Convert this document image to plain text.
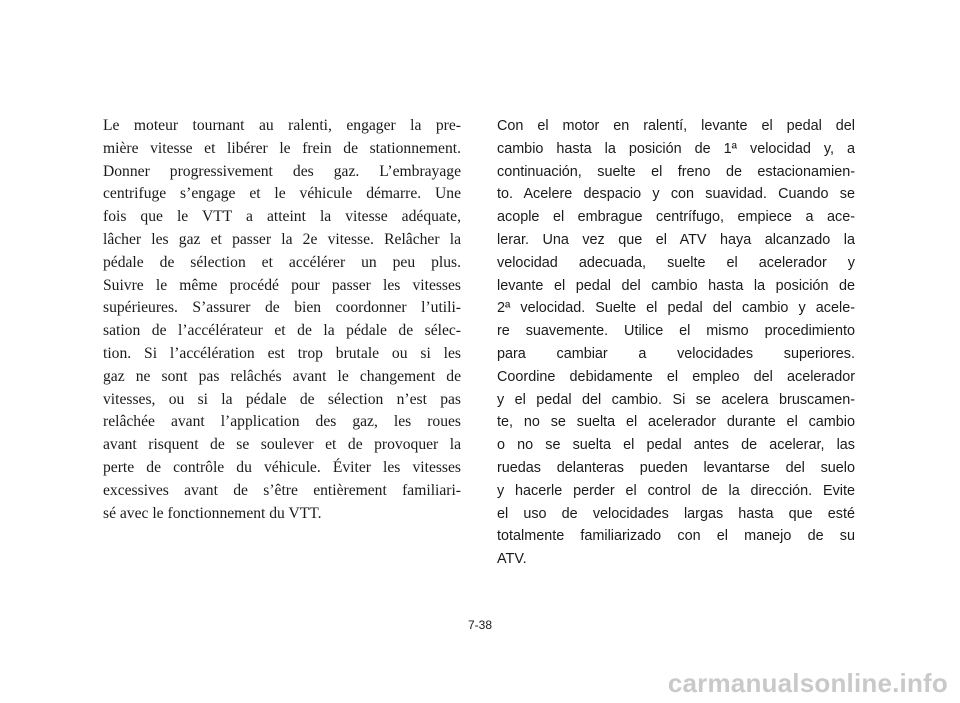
Le moteur tournant au ralenti, engager la pre-
mière vitesse et libérer le frein de stationnement.
Donner progressivement des gaz. L’embrayage
centrifuge s’engage et le véhicule démarre. Une
fois que le VTT a atteint la vitesse adéquate,
lâcher les gaz et passer la 2e vitesse. Relâcher la
pédale de sélection et accélérer un peu plus.
Suivre le même procédé pour passer les vitesses
supérieures. S’assurer de bien coordonner l’utili-
sation de l’accélérateur et de la pédale de sélec-
tion. Si l’accélération est trop brutale ou si les
gaz ne sont pas relâchés avant le changement de
vitesses, ou si la pédale de sélection n’est pas
relâchée avant l’application des gaz, les roues
avant risquent de se soulever et de provoquer la
perte de contrôle du véhicule. Éviter les vitesses
excessives avant de s’être entièrement familiari-
sé avec le fonctionnement du VTT.
Con el motor en ralentí, levante el pedal del
cambio hasta la posición de 1ª velocidad y, a
continuación, suelte el freno de estacionamien-
to. Acelere despacio y con suavidad. Cuando se
acople el embrague centrífugo, empiece a ace-
lerar. Una vez que el ATV haya alcanzado la
velocidad adecuada, suelte el acelerador y
levante el pedal del cambio hasta la posición de
2ª velocidad. Suelte el pedal del cambio y acele-
re suavemente. Utilice el mismo procedimiento
para cambiar a velocidades superiores.
Coordine debidamente el empleo del acelerador
y el pedal del cambio. Si se acelera bruscamen-
te, no se suelta el acelerador durante el cambio
o no se suelta el pedal antes de acelerar, las
ruedas delanteras pueden levantarse del suelo
y hacerle perder el control de la dirección. Evite
el uso de velocidades largas hasta que esté
totalmente familiarizado con el manejo de su
ATV.
7-38
carmanualsonline.info
